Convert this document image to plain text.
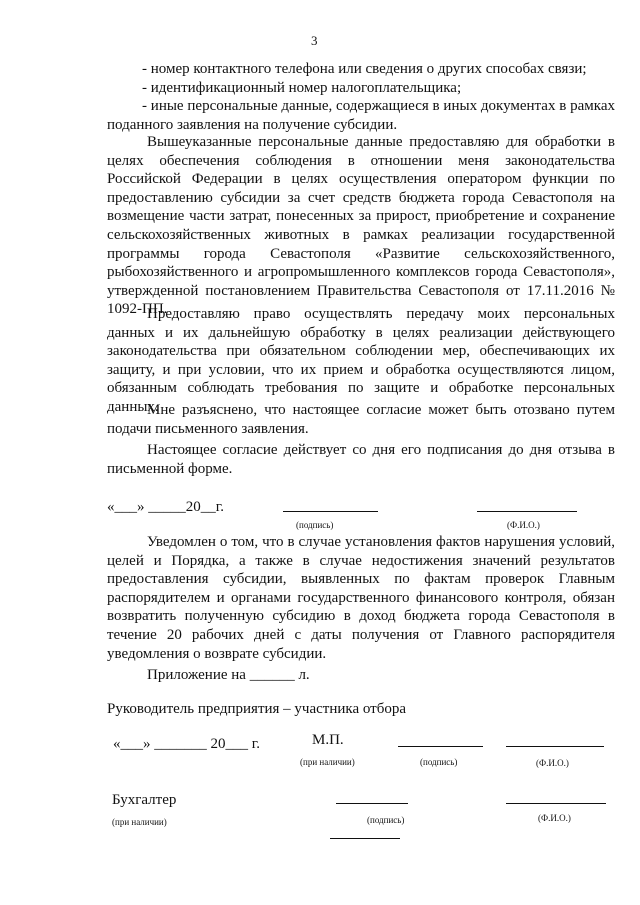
3
- номер контактного телефона или сведения о других способах связи;
- идентификационный номер налогоплательщика;
- иные персональные данные, содержащиеся в иных документах в рамках поданного заявления на получение субсидии.
Вышеуказанные персональные данные предоставляю для обработки в целях обеспечения соблюдения в отношении меня законодательства Российской Федерации в целях осуществления оператором функции по предоставлению субсидии за счет средств бюджета города Севастополя на возмещение части затрат, понесенных за прирост, приобретение и сохранение сельскохозяйственных животных в рамках реализации государственной программы города Севастополя «Развитие сельскохозяйственного, рыбохозяйственного и агропромышленного комплексов города Севастополя», утвержденной постановлением Правительства Севастополя от 17.11.2016 № 1092-ПП.
Предоставляю право осуществлять передачу моих персональных данных и их дальнейшую обработку в целях реализации действующего законодательства при обязательном соблюдении мер, обеспечивающих их защиту, и при условии, что их прием и обработка осуществляются лицом, обязанным соблюдать требования по защите и обработке персональных данных.
Мне разъяснено, что настоящее согласие может быть отозвано путем подачи письменного заявления.
Настоящее согласие действует со дня его подписания до дня отзыва в письменной форме.
«___» _____20__г.
(подпись)	(Ф.И.О.)
Уведомлен о том, что в случае установления фактов нарушения условий, целей и Порядка, а также в случае недостижения значений результатов предоставления субсидии, выявленных по фактам проверок Главным распорядителем и органами государственного финансового контроля, обязан возвратить полученную субсидию в доход бюджета города Севастополя в течение 20 рабочих дней с даты получения от Главного распорядителя уведомления о возврате субсидии.
Приложение на ______ л.
Руководитель предприятия – участника отбора
«___» _______ 20___ г.	М.П.
(при наличии)	(подпись)	(Ф.И.О.)
Бухгалтер
(при наличии)	(подпись)	(Ф.И.О.)
